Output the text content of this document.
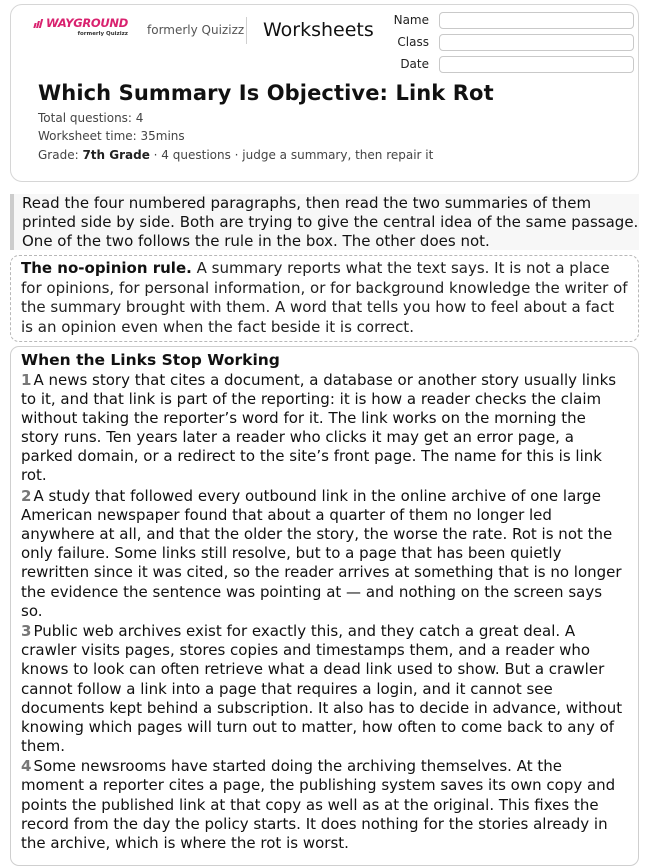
WAYGROUND
formerly Quizizz formerly Quizizz Worksheets	Name
Class
Date
Which Summary Is Objective: Link Rot
Total questions: 4
Worksheet time: 35mins
Grade: 7th Grade · 4 questions · judge a summary, then repair it
Read the four numbered paragraphs, then read the two summaries of them printed side by side. Both are trying to give the central idea of the same passage. One of the two follows the rule in the box. The other does not.
The no-opinion rule. A summary reports what the text says. It is not a place for opinions, for personal information, or for background knowledge the writer of the summary brought with them. A word that tells you how to feel about a fact is an opinion even when the fact beside it is correct.
When the Links Stop Working
1 A news story that cites a document, a database or another story usually links to it, and that link is part of the reporting: it is how a reader checks the claim without taking the reporter’s word for it. The link works on the morning the story runs. Ten years later a reader who clicks it may get an error page, a parked domain, or a redirect to the site’s front page. The name for this is link rot.
2 A study that followed every outbound link in the online archive of one large American newspaper found that about a quarter of them no longer led anywhere at all, and that the older the story, the worse the rate. Rot is not the only failure. Some links still resolve, but to a page that has been quietly rewritten since it was cited, so the reader arrives at something that is no longer the evidence the sentence was pointing at — and nothing on the screen says so.
3 Public web archives exist for exactly this, and they catch a great deal. A crawler visits pages, stores copies and timestamps them, and a reader who knows to look can often retrieve what a dead link used to show. But a crawler cannot follow a link into a page that requires a login, and it cannot see documents kept behind a subscription. It also has to decide in advance, without knowing which pages will turn out to matter, how often to come back to any of them.
4 Some newsrooms have started doing the archiving themselves. At the moment a reporter cites a page, the publishing system saves its own copy and points the published link at that copy as well as at the original. This fixes the record from the day the policy starts. It does nothing for the stories already in the archive, which is where the rot is worst.
